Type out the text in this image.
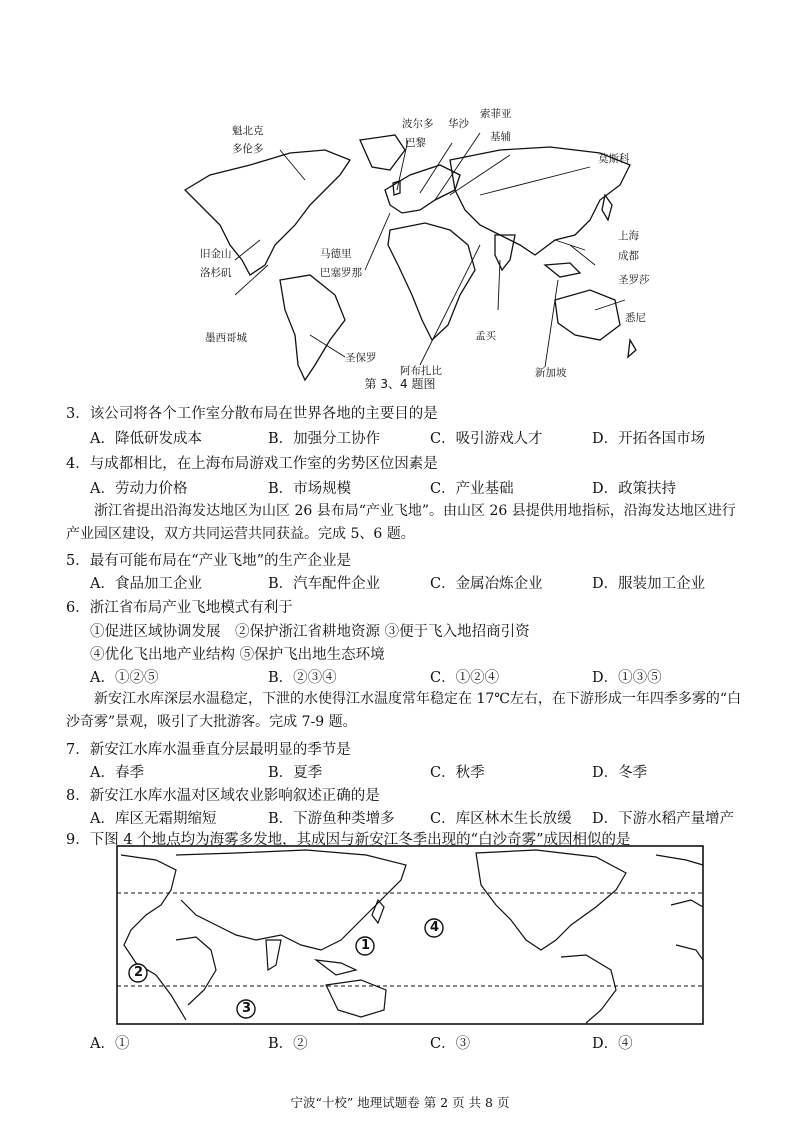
魁北克
多伦多
波尔多
巴黎
华沙
索菲亚
基辅
莫斯科
旧金山
洛杉矶
马德里
巴塞罗那
上海
成都
圣罗莎
墨西哥城
圣保罗
阿布扎比
孟买
新加坡
悉尼
第 3、4 题图
3．该公司将各个工作室分散布局在世界各地的主要目的是
A．降低研发成本	B．加强分工协作	C．吸引游戏人才	D．开拓各国市场
4．与成都相比，在上海布局游戏工作室的劣势区位因素是
A．劳动力价格	B．市场规模	C．产业基础	D．政策扶持
浙江省提出沿海发达地区为山区 26 县布局“产业飞地”。由山区 26 县提供用地指标，沿海发达地区进行产业园区建设，双方共同运营共同获益。完成 5、6 题。
5．最有可能布局在“产业飞地”的生产企业是
A．食品加工企业	B．汽车配件企业	C．金属冶炼企业	D．服装加工企业
6．浙江省布局产业飞地模式有利于
①促进区域协调发展　②保护浙江省耕地资源 ③便于飞入地招商引资
④优化飞出地产业结构 ⑤保护飞出地生态环境
A．①②⑤	B．②③④	C．①②④	D．①③⑤
新安江水库深层水温稳定，下泄的水使得江水温度常年稳定在 17℃左右，在下游形成一年四季多雾的“白沙奇雾”景观，吸引了大批游客。完成 7-9 题。
7．新安江水库水温垂直分层最明显的季节是
A．春季	B．夏季	C．秋季	D．冬季
8．新安江水库水温对区域农业影响叙述正确的是
A．库区无霜期缩短	B．下游鱼种类增多 C．库区林木生长放缓 D．下游水稻产量增产
9．下图 4 个地点均为海雾多发地，其成因与新安江冬季出现的“白沙奇雾”成因相似的是
1
2
3
4
A．①	B．②	C．③	D．④
宁波“十校” 地理试题卷 第 2 页 共 8 页
